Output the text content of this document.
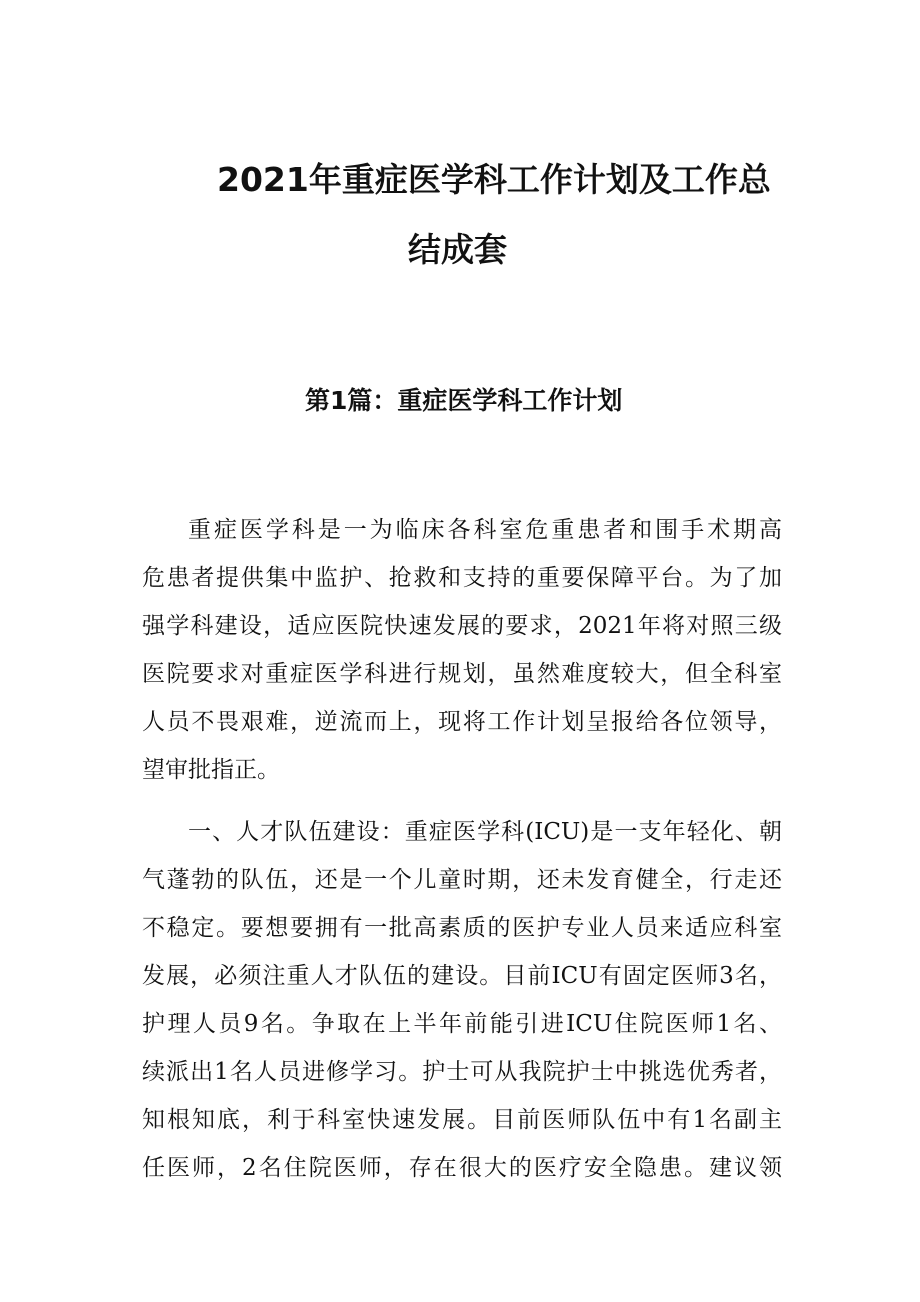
2021年重症医学科工作计划及工作总
结成套
第1篇：重症医学科工作计划
重症医学科是一为临床各科室危重患者和围手术期高
危患者提供集中监护、抢救和支持的重要保障平台。为了加
强学科建设，适应医院快速发展的要求，2021年将对照三级
医院要求对重症医学科进行规划，虽然难度较大，但全科室
人员不畏艰难，逆流而上，现将工作计划呈报给各位领导，
望审批指正。
一、人才队伍建设：重症医学科(ICU)是一支年轻化、朝
气蓬勃的队伍，还是一个儿童时期，还未发育健全，行走还
不稳定。要想要拥有一批高素质的医护专业人员来适应科室
发展，必须注重人才队伍的建设。目前ICU有固定医师3名，
护理人员9名。争取在上半年前能引进ICU住院医师1名、
续派出1名人员进修学习。护士可从我院护士中挑选优秀者，
知根知底，利于科室快速发展。目前医师队伍中有1名副主
任医师，2名住院医师，存在很大的医疗安全隐患。建议领
